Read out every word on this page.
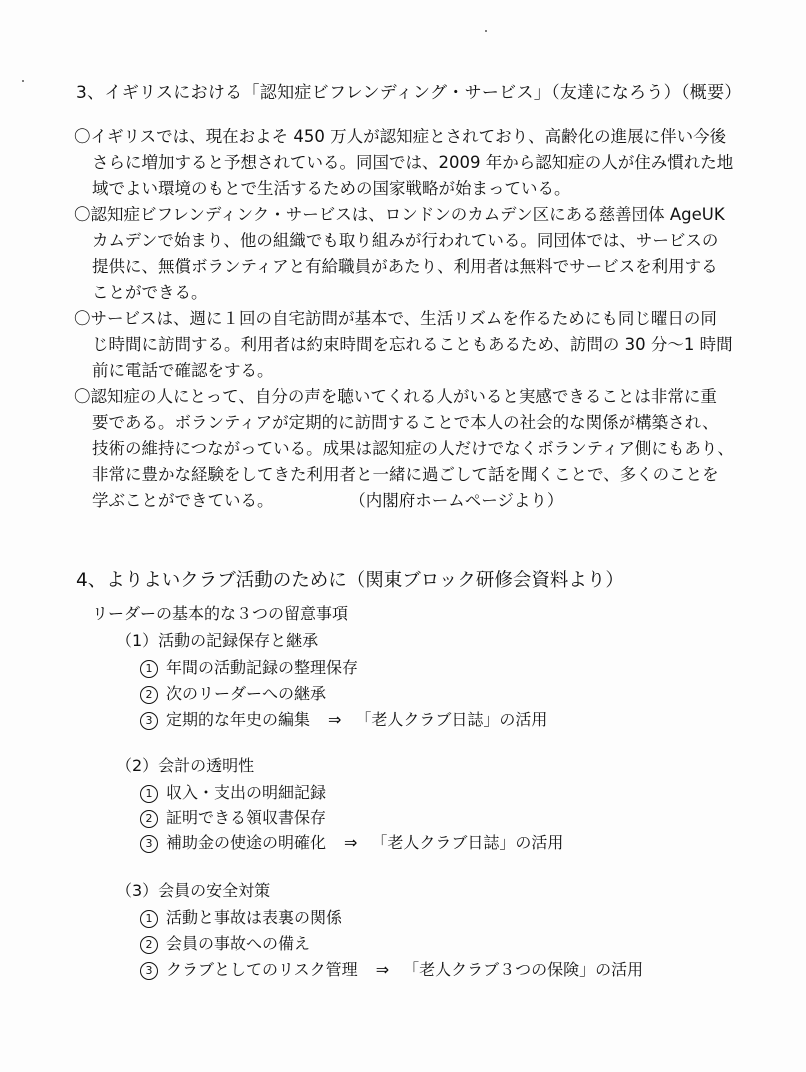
3、イギリスにおける「認知症ビフレンディング・サービス」（友達になろう）（概要）
〇イギリスでは、現在およそ 450 万人が認知症とされており、高齢化の進展に伴い今後
さらに増加すると予想されている。同国では、2009 年から認知症の人が住み慣れた地
域でよい環境のもとで生活するための国家戦略が始まっている。
〇認知症ビフレンディンク・サービスは、ロンドンのカムデン区にある慈善団体 AgeUK
カムデンで始まり、他の組織でも取り組みが行われている。同団体では、サービスの
提供に、無償ボランティアと有給職員があたり、利用者は無料でサービスを利用する
ことができる。
〇サービスは、週に１回の自宅訪問が基本で、生活リズムを作るためにも同じ曜日の同
じ時間に訪問する。利用者は約束時間を忘れることもあるため、訪問の 30 分～1 時間
前に電話で確認をする。
〇認知症の人にとって、自分の声を聴いてくれる人がいると実感できることは非常に重
要である。ボランティアが定期的に訪問することで本人の社会的な関係が構築され、
技術の維持につながっている。成果は認知症の人だけでなくボランティア側にもあり、
非常に豊かな経験をしてきた利用者と一緒に過ごして話を聞くことで、多くのことを
学ぶことができている。	（内閣府ホームページより）
4、よりよいクラブ活動のために（関東ブロック研修会資料より）
リーダーの基本的な３つの留意事項
（1）活動の記録保存と継承
1 年間の活動記録の整理保存
2 次のリーダーへの継承
3 定期的な年史の編集 ⇒ 「老人クラブ日誌」の活用
（2）会計の透明性
1 収入・支出の明細記録
2 証明できる領収書保存
3 補助金の使途の明確化 ⇒ 「老人クラブ日誌」の活用
（3）会員の安全対策
1 活動と事故は表裏の関係
2 会員の事故への備え
3 クラブとしてのリスク管理 ⇒ 「老人クラブ３つの保険」の活用
